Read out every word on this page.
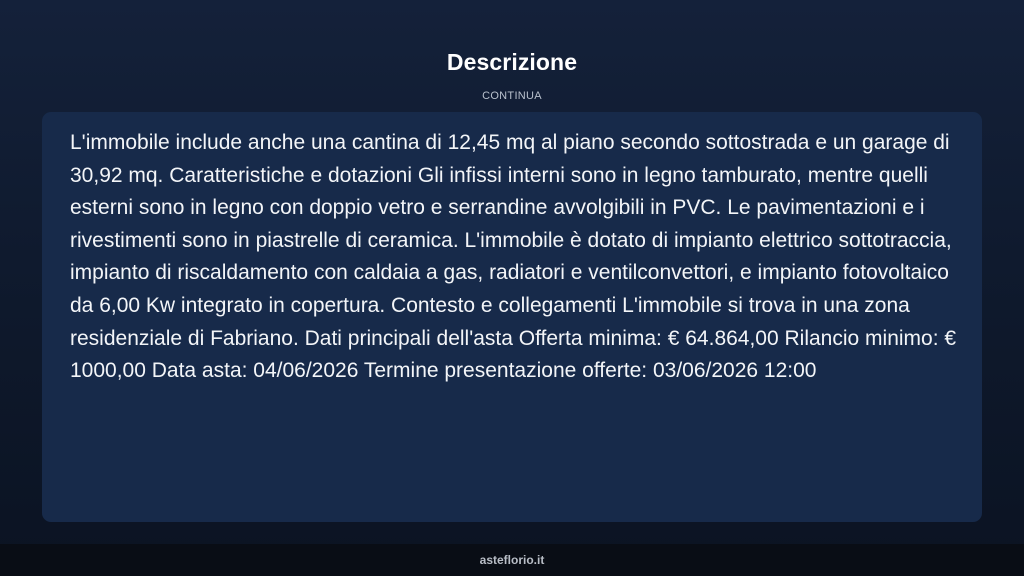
Descrizione
CONTINUA

L'immobile include anche una cantina di 12,45 mq al piano secondo sottostrada e un garage di 30,92 mq. Caratteristiche e dotazioni Gli infissi interni sono in legno tamburato, mentre quelli esterni sono in legno con doppio vetro e serrandine avvolgibili in PVC. Le pavimentazioni e i rivestimenti sono in piastrelle di ceramica. L'immobile è dotato di impianto elettrico sottotraccia, impianto di riscaldamento con caldaia a gas, radiatori e ventilconvettori, e impianto fotovoltaico da 6,00 Kw integrato in copertura. Contesto e collegamenti L'immobile si trova in una zona residenziale di Fabriano. Dati principali dell'asta Offerta minima: € 64.864,00 Rilancio minimo: € 1000,00 Data asta: 04/06/2026 Termine presentazione offerte: 03/06/2026 12:00

asteflorio.it
